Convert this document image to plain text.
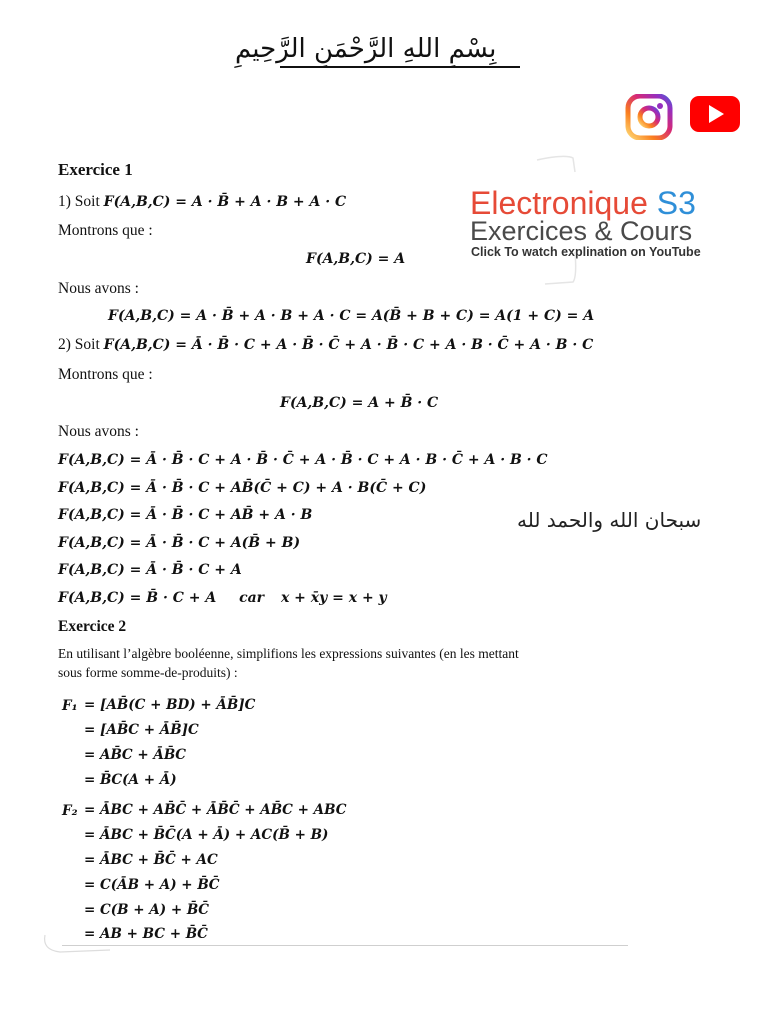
بِسْمِ اللهِ الرَّحْمَنِ الرَّحِيمِ
Electronique S3
Exercices & Cours
Click To watch explination on YouTube
Exercice 1
1) Soit F(A,B,C) = A · B̄ + A · B + A · C
Montrons que :
F(A,B,C) = A
Nous avons :
F(A,B,C) = A · B̄ + A · B + A · C = A(B̄ + B + C) = A(1 + C) = A
2) Soit F(A,B,C) = Ā · B̄ · C + A · B̄ · C̄ + A · B̄ · C + A · B · C̄ + A · B · C
Montrons que :
F(A,B,C) = A + B̄ · C
Nous avons :
F(A,B,C) = Ā · B̄ · C + A · B̄ · C̄ + A · B̄ · C + A · B · C̄ + A · B · C
F(A,B,C) = Ā · B̄ · C + AB̄(C̄ + C) + A · B(C̄ + C)
F(A,B,C) = Ā · B̄ · C + AB̄ + A · B
F(A,B,C) = Ā · B̄ · C + A(B̄ + B)
F(A,B,C) = Ā · B̄ · C + A
F(A,B,C) = B̄ · C + A car x + x̄y = x + y
سبحان الله والحمد لله
Exercice 2
En utilisant l’algèbre booléenne, simplifions les expressions suivantes (en les mettant
sous forme somme-de-produits) :
F₁ = [AB̄(C + BD) + ĀB̄]C
= [AB̄C + ĀB̄]C
= AB̄C + ĀB̄C
= B̄C(A + Ā)
F₂ = ĀBC + AB̄C̄ + ĀB̄C̄ + AB̄C + ABC
= ĀBC + B̄C̄(A + Ā) + AC(B̄ + B)
= ĀBC + B̄C̄ + AC
= C(ĀB + A) + B̄C̄
= C(B + A) + B̄C̄
= AB + BC + B̄C̄
